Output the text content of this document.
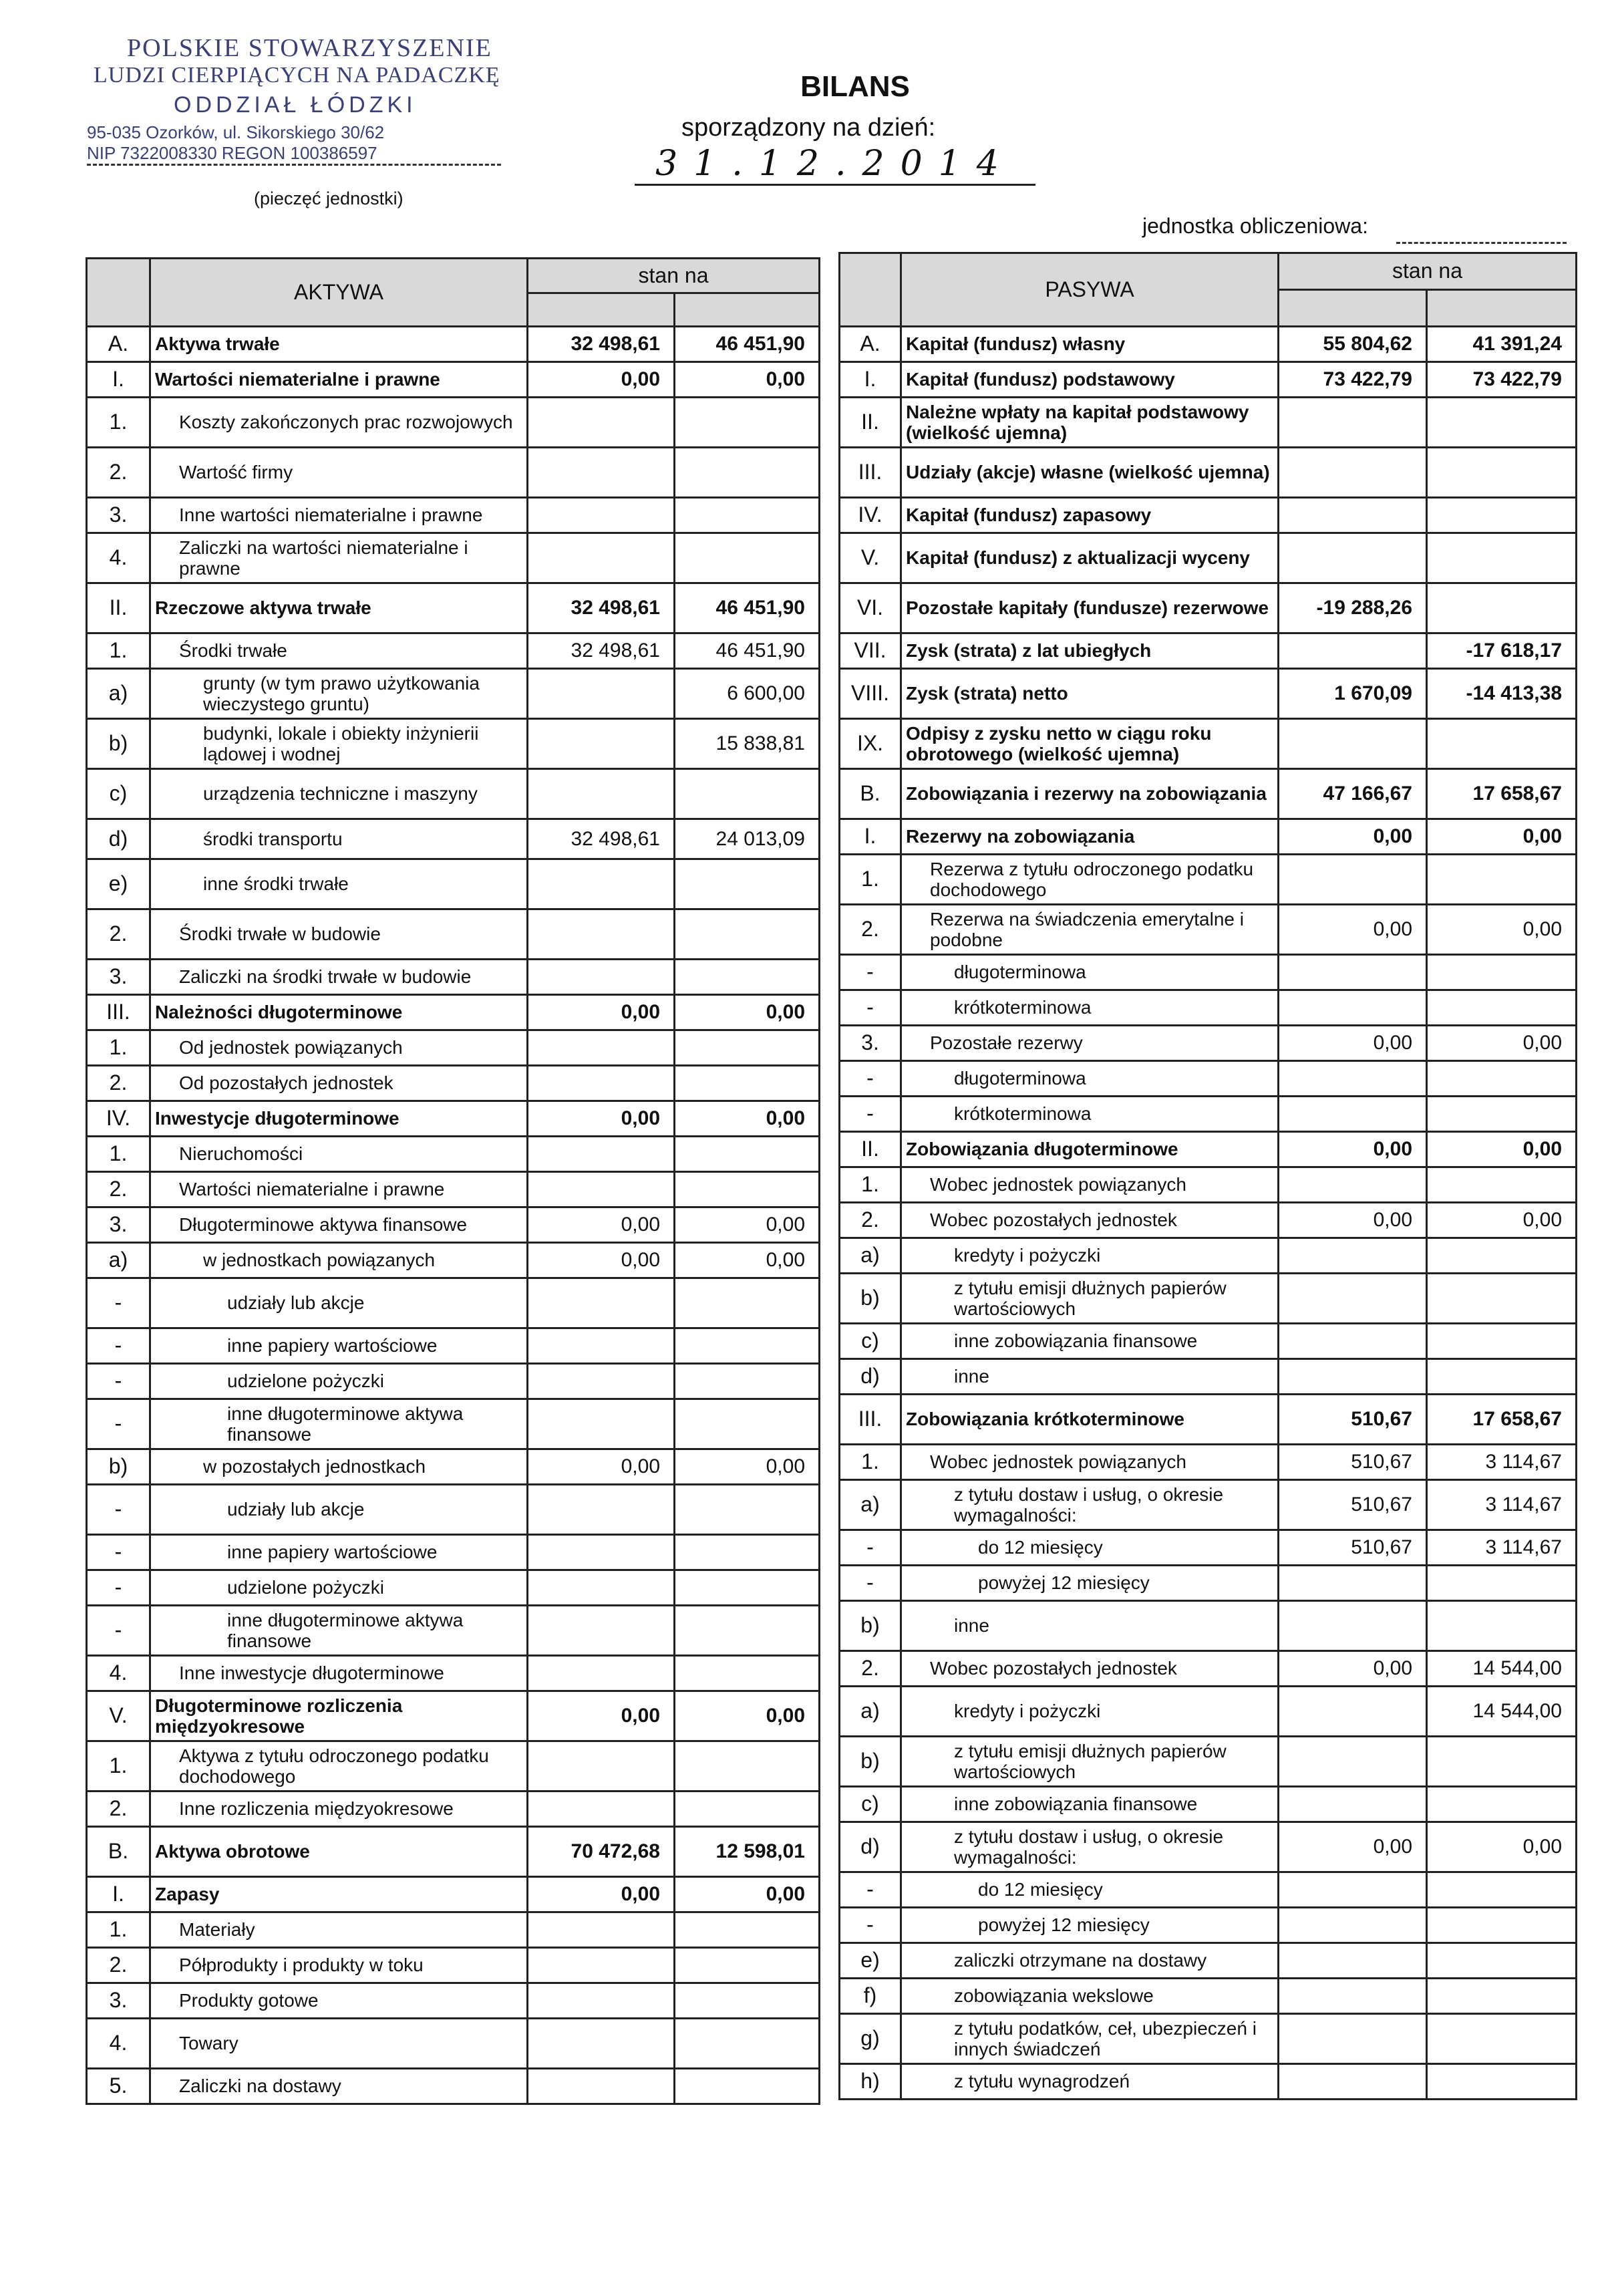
POLSKIE STOWARZYSZENIE
LUDZI CIERPIĄCYCH NA PADACZKĘ
ODDZIAŁ ŁÓDZKI
95-035 Ozorków, ul. Sikorskiego 30/62
NIP 7322008330 REGON 100386597
(pieczęć jednostki)
BILANS
sporządzony na dzień:
31.12.2014
jednostka obliczeniowa:
	AKTYWA	stan na	

A.	Aktywa trwałe	32 498,61	46 451,90
I.	Wartości niematerialne i prawne	0,00	0,00
1.	Koszty zakończonych prac rozwojowych		
2.	Wartość firmy		
3.	Inne wartości niematerialne i prawne		
4.	Zaliczki na wartości niematerialne i prawne		
II.	Rzeczowe aktywa trwałe	32 498,61	46 451,90
1.	Środki trwałe	32 498,61	46 451,90
a)	grunty (w tym prawo użytkowania wieczystego gruntu)		6 600,00
b)	budynki, lokale i obiekty inżynierii lądowej i wodnej		15 838,81
c)	urządzenia techniczne i maszyny		
d)	środki transportu	32 498,61	24 013,09
e)	inne środki trwałe		
2.	Środki trwałe w budowie		
3.	Zaliczki na środki trwałe w budowie		
III.	Należności długoterminowe	0,00	0,00
1.	Od jednostek powiązanych		
2.	Od pozostałych jednostek		
IV.	Inwestycje długoterminowe	0,00	0,00
1.	Nieruchomości		
2.	Wartości niematerialne i prawne		
3.	Długoterminowe aktywa finansowe	0,00	0,00
a)	w jednostkach powiązanych	0,00	0,00
-	udziały lub akcje		
-	inne papiery wartościowe		
-	udzielone pożyczki		
-	inne długoterminowe aktywa finansowe		
b)	w pozostałych jednostkach	0,00	0,00
-	udziały lub akcje		
-	inne papiery wartościowe		
-	udzielone pożyczki		
-	inne długoterminowe aktywa finansowe		
4.	Inne inwestycje długoterminowe		
V.	Długoterminowe rozliczenia międzyokresowe	0,00	0,00
1.	Aktywa z tytułu odroczonego podatku dochodowego		
2.	Inne rozliczenia międzyokresowe		
B.	Aktywa obrotowe	70 472,68	12 598,01
I.	Zapasy	0,00	0,00
1.	Materiały		
2.	Półprodukty i produkty w toku		
3.	Produkty gotowe		
4.	Towary		
5.	Zaliczki na dostawy		
	PASYWA	stan na	

A.	Kapitał (fundusz) własny	55 804,62	41 391,24
I.	Kapitał (fundusz) podstawowy	73 422,79	73 422,79
II.	Należne wpłaty na kapitał podstawowy (wielkość ujemna)		
III.	Udziały (akcje) własne (wielkość ujemna)		
IV.	Kapitał (fundusz) zapasowy		
V.	Kapitał (fundusz) z aktualizacji wyceny		
VI.	Pozostałe kapitały (fundusze) rezerwowe	-19 288,26	
VII.	Zysk (strata) z lat ubiegłych		-17 618,17
VIII.	Zysk (strata) netto	1 670,09	-14 413,38
IX.	Odpisy z zysku netto w ciągu roku obrotowego (wielkość ujemna)		
B.	Zobowiązania i rezerwy na zobowiązania	47 166,67	17 658,67
I.	Rezerwy na zobowiązania	0,00	0,00
1.	Rezerwa z tytułu odroczonego podatku dochodowego		
2.	Rezerwa na świadczenia emerytalne i podobne	0,00	0,00
-	długoterminowa		
-	krótkoterminowa		
3.	Pozostałe rezerwy	0,00	0,00
-	długoterminowa		
-	krótkoterminowa		
II.	Zobowiązania długoterminowe	0,00	0,00
1.	Wobec jednostek powiązanych		
2.	Wobec pozostałych jednostek	0,00	0,00
a)	kredyty i pożyczki		
b)	z tytułu emisji dłużnych papierów wartościowych		
c)	inne zobowiązania finansowe		
d)	inne		
III.	Zobowiązania krótkoterminowe	510,67	17 658,67
1.	Wobec jednostek powiązanych	510,67	3 114,67
a)	z tytułu dostaw i usług, o okresie wymagalności:	510,67	3 114,67
-	do 12 miesięcy	510,67	3 114,67
-	powyżej 12 miesięcy		
b)	inne		
2.	Wobec pozostałych jednostek	0,00	14 544,00
a)	kredyty i pożyczki		14 544,00
b)	z tytułu emisji dłużnych papierów wartościowych		
c)	inne zobowiązania finansowe		
d)	z tytułu dostaw i usług, o okresie wymagalności:	0,00	0,00
-	do 12 miesięcy		
-	powyżej 12 miesięcy		
e)	zaliczki otrzymane na dostawy		
f)	zobowiązania wekslowe		
g)	z tytułu podatków, ceł, ubezpieczeń i innych świadczeń		
h)	z tytułu wynagrodzeń		
